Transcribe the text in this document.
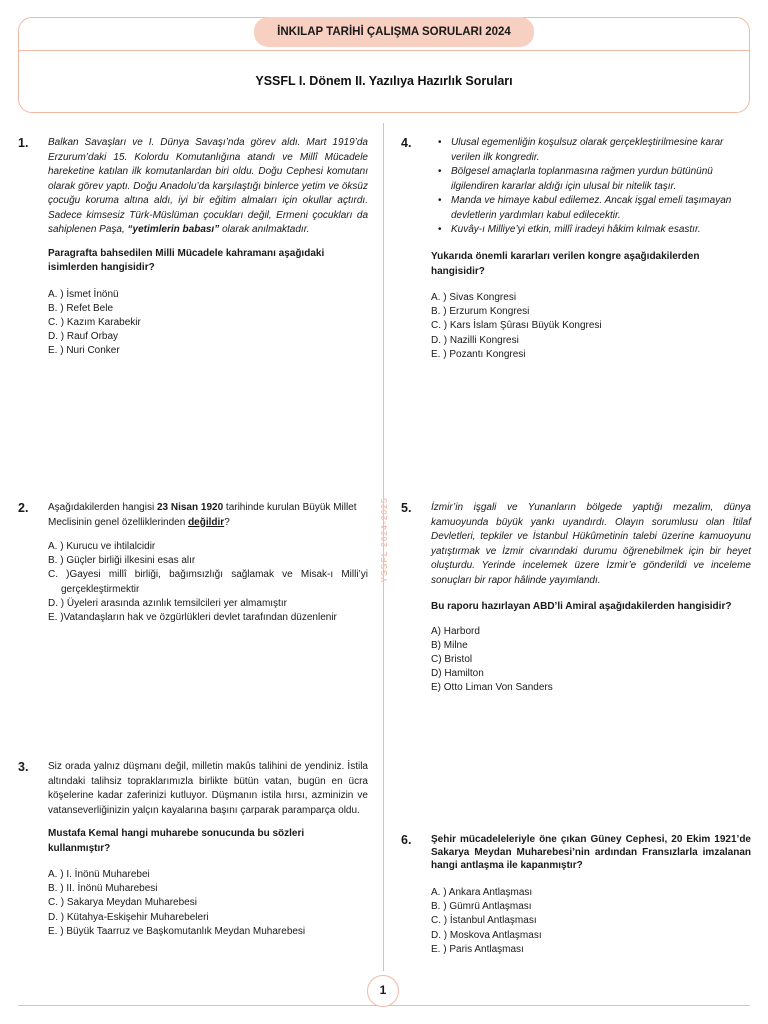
İNKILAP TARİHİ ÇALIŞMA SORULARI 2024
YSSFL I. Dönem II. Yazılıya Hazırlık Soruları
YSSFL 2024-2025
1. Balkan Savaşları ve I. Dünya Savaşı’nda görev aldı. Mart 1919’da Erzurum’daki 15. Kolordu Komutanlığına atandı ve Millî Mücadele hareketine katılan ilk komutanlardan biri oldu. Doğu Cephesi komutanı olarak görev yaptı. Doğu Anadolu’da karşılaştığı binlerce yetim ve öksüz çocuğu koruma altına aldı, iyi bir eğitim almaları için okullar açtırdı. Sadece kimsesiz Türk-Müslüman çocukları değil, Ermeni çocukları da sahiplenen Paşa, “yetimlerin babası” olarak anılmaktadır.

Paragrafta bahsedilen Milli Mücadele kahramanı aşağıdaki isimlerden hangisidir?

A. ) İsmet İnönü
B. ) Refet Bele
C. ) Kazım Karabekir
D. ) Rauf Orbay
E. ) Nuri Conker
2. Aşağıdakilerden hangisi 23 Nisan 1920 tarihinde kurulan Büyük Millet Meclisinin genel özelliklerinden değildir?

A. ) Kurucu ve ihtilalcidir
B. ) Güçler birliği ilkesini esas alır
C. )Gayesi millî birliği, bağımsızlığı sağlamak ve Misak-ı Milli’yi gerçekleştirmektir
D. ) Üyeleri arasında azınlık temsilcileri yer almamıştır
E. )Vatandaşların hak ve özgürlükleri devlet tarafından düzenlenir
3. Siz orada yalnız düşmanı değil, milletin makûs talihini de yendiniz. İstila altındaki talihsiz topraklarımızla birlikte bütün vatan, bugün en ücra köşelerine kadar zaferinizi kutluyor. Düşmanın istila hırsı, azminizin ve vatanseverliğinizin yalçın kayalarına başını çarparak paramparça oldu.

Mustafa Kemal hangi muharebe sonucunda bu sözleri kullanmıştır?

A. ) I. İnönü Muharebei
B. ) II. İnönü Muharebesi
C. ) Sakarya Meydan Muharebesi
D. ) Kütahya-Eskişehir Muharebeleri
E. ) Büyük Taarruz ve Başkomutanlık Meydan Muharebesi
4.
•	Ulusal egemenliğin koşulsuz olarak gerçekleştirilmesine karar verilen ilk kongredir.
• Bölgesel amaçlarla toplanmasına rağmen yurdun bütününü ilgilendiren kararlar aldığı için ulusal bir nitelik taşır.
• Manda ve himaye kabul edilemez. Ancak işgal emeli taşımayan devletlerin yardımları kabul edilecektir.
• Kuvây-ı Milliye’yi etkin, millî iradeyi hâkim kılmak esastır.

Yukarıda önemli kararları verilen kongre aşağıdakilerden hangisidir?

A. ) Sivas Kongresi
B. ) Erzurum Kongresi
C. ) Kars İslam Şûrası Büyük Kongresi
D. ) Nazilli Kongresi
E. ) Pozantı Kongresi
5. İzmir’in işgali ve Yunanların bölgede yaptığı mezalim, dünya kamuoyunda büyük yankı uyandırdı. Olayın sorumlusu olan İtilaf Devletleri, tepkiler ve İstanbul Hükûmetinin talebi üzerine kamuoyunu yatıştırmak ve İzmir civarındaki durumu öğrenebilmek için bir heyet oluşturdu. Yerinde incelemek üzere İzmir’e gönderildi ve inceleme sonuçları bir rapor hâlinde yayımlandı.

Bu raporu hazırlayan ABD’li Amiral aşağıdakilerden hangisidir?

A) Harbord
B) Milne
C) Bristol
D) Hamilton
E) Otto Liman Von Sanders
6. Şehir mücadeleleriyle öne çıkan Güney Cephesi, 20 Ekim 1921’de Sakarya Meydan Muharebesi’nin ardından Fransızlarla imzalanan hangi antlaşma ile kapanmıştır?

A. ) Ankara Antlaşması
B. ) Gümrü Antlaşması
C. ) İstanbul Antlaşması
D. ) Moskova Antlaşması
E. ) Paris Antlaşması
1
